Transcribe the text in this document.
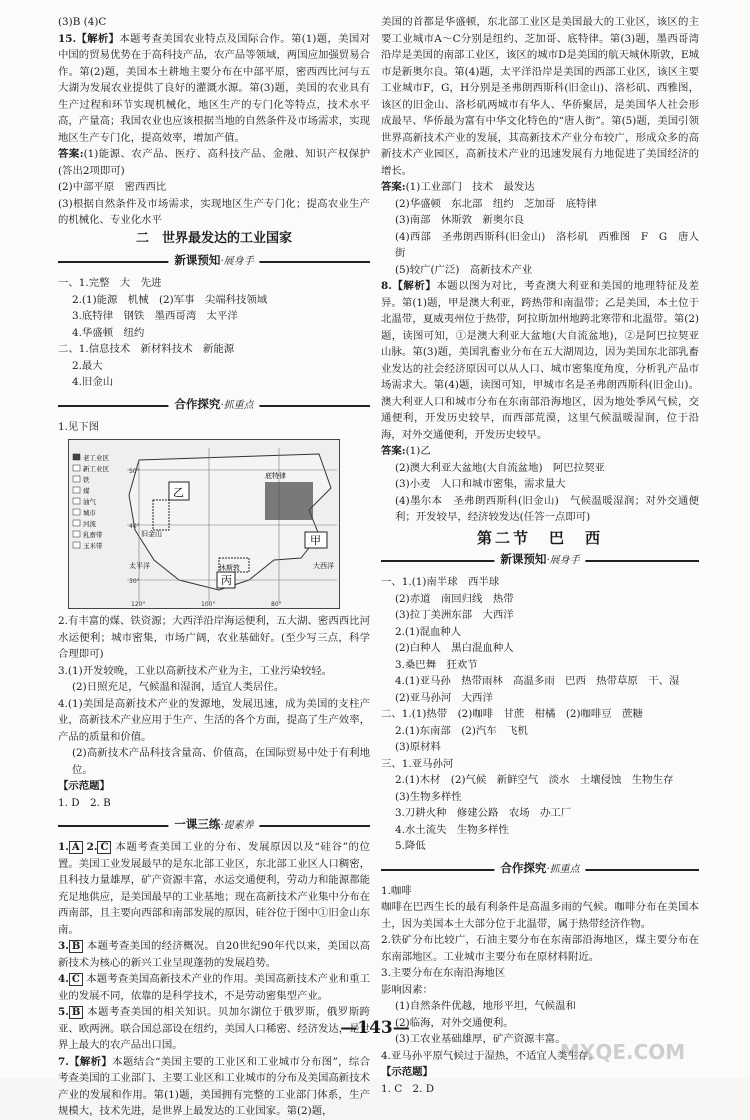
(3)B (4)C

15.【解析】本题考查美国农业特点及国际合作。第(1)题，美国对中国的贸易优势在于高科技产品，农产品等领域，两国应加强贸易合作。第(2)题，美国本土耕地主要分布在中部平原，密西西比河与五大湖为发展农业提供了良好的灌溉水源。第(3)题，美国的农业具有生产过程和环节实现机械化，地区生产的专门化等特点，技术水平高，产量高；我国农业也应该根据当地的自然条件及市场需求，实现地区生产专门化，提高效率，增加产值。

答案:(1)能源、农产品、医疗、高科技产品、金融、知识产权保护(答出2项即可)

(2)中部平原　密西西比

(3)根据自然条件及市场需求，实现地区生产专门化；提高农业生产的机械化、专业化水平

二　世界最发达的工业国家
新课预知·展身手

一、1.完整　大　先进

2.(1)能源　机械　(2)军事　尖端科技领域

3.底特律　钢铁　墨西哥湾　太平洋

4.华盛顿　纽约

二、1.信息技术　新材料技术　新能源

2.最大

4.旧金山

合作探究·抓重点

1.见下图

乙
甲
丙
底特律
旧金山
休斯敦
太平洋	大西洋
老工业区
新工业区
铁
煤
油气
城市
河流
乳畜带
玉米带
50°
40°
30°
120°	100°	80°

2.有丰富的煤、铁资源；大西洋沿岸海运便利，五大湖、密西西比河水运便利；城市密集，市场广阔，农业基础好。(至少写三点，科学合理即可)

3.(1)开发较晚，工业以高新技术产业为主，工业污染较轻。

(2)日照充足，气候温和湿润，适宜人类居住。

4.(1)美国是高新技术产业的发源地，发展迅速，成为美国的支柱产业，高新技术产业应用于生产、生活的各个方面，提高了生产效率，产品的质量和价值。

(2)高新技术产品科技含量高、价值高，在国际贸易中处于有利地位。

【示范题】

1. D　2. B

一课三练·提素养

1. A 2. C 本题考查美国工业的分布、发展原因以及“硅谷”的位置。美国工业发展最早的是东北部工业区，东北部工业区人口稠密，且科技力量雄厚，矿产资源丰富，水运交通便利，劳动力和能源都能充足地供应，是美国最早的工业基地；现在高新技术产业集中分布在西南部，且主要向西部和南部发展的原因，硅谷位于图中①旧金山东南。

3. B 本题考查美国的经济概况。自20世纪90年代以来，美国以高新技术为核心的新兴工业呈现蓬勃的发展趋势。

4. C 本题考查美国高新技术产业的作用。美国高新技术产业和重工业的发展不同，依靠的是科学技术，不是劳动密集型产业。

5. B 本题考查美国的相关知识。贝加尔湖位于俄罗斯，俄罗斯跨亚、欧两洲。联合国总部设在纽约，美国人口稀密、经济发达，是世界上最大的农产品出口国。

7.【解析】本题结合“美国主要的工业区和工业城市分布图”，综合考查美国的工业部门、主要工业区和工业城市的分布及美国高新技术产业的发展和作用。第(1)题，美国拥有完整的工业部门体系，生产规模大，技术先进，是世界上最发达的工业国家。第(2)题，

美国的首都是华盛顿，东北部工业区是美国最大的工业区，该区的主要工业城市A～C分别是纽约、芝加哥、底特律。第(3)题，墨西哥湾沿岸是美国的南部工业区，该区的城市D是美国的航天城休斯敦，E城市是新奥尔良。第(4)题，太平洋沿岸是美国的西部工业区，该区主要工业城市F，G，H分别是圣弗朗西斯科(旧金山)、洛杉矶、西雅图，该区的旧金山、洛杉矶两城市有华人、华侨聚居，是美国华人社会形成最早、华侨最为富有中华文化特色的“唐人街”。第(5)题，美国引领世界高新技术产业的发展，其高新技术产业分布较广，形成众多的高新技术产业园区，高新技术产业的迅速发展有力地促进了美国经济的增长。

答案:(1)工业部门　技术　最发达

(2)华盛顿　东北部　纽约　芝加哥　底特律

(3)南部　休斯敦　新奥尔良

(4)西部　圣弗朗西斯科(旧金山)　洛杉矶　西雅图　F　G　唐人街

(5)较广(广泛)　高新技术产业

8.【解析】本题以图为对比，考查澳大利亚和美国的地理特征及差异。第(1)题，甲是澳大利亚，跨热带和南温带；乙是美国，本土位于北温带，夏威夷州位于热带，阿拉斯加州地跨北寒带和北温带。第(2)题，读图可知，①是澳大利亚大盆地(大自流盆地)，②是阿巴拉契亚山脉。第(3)题，美国乳畜业分布在五大湖周边，因为美国东北部乳畜业发达的社会经济原因可以从人口、城市密集度角度，分析乳产品市场需求大。第(4)题，读图可知，甲城市名是圣弗朗西斯科(旧金山)。澳大利亚人口和城市分布在东南部沿海地区，因为地处季风气候，交通便利，开发历史较早，而西部荒漠，这里气候温暖湿润，位于沿海，对外交通便利，开发历史较早。

答案:(1)乙

(2)澳大利亚大盆地(大自流盆地)　阿巴拉契亚

(3)小麦　人口和城市密集，需求量大

(4)墨尔本　圣弗朗西斯科(旧金山)　气候温暖湿润；对外交通便利；开发较早，经济较发达(任答一点即可)

第二节　巴　西
新课预知·展身手

一、1.(1)南半球　西半球

(2)赤道　南回归线　热带

(3)拉丁美洲东部　大西洋

2.(1)混血种人

(2)白种人　黑白混血种人

3.桑巴舞　狂欢节

4.(1)亚马孙　热带雨林　高温多雨　巴西　热带草原　干、湿

(2)亚马孙河　大西洋

二、1.(1)热带　(2)咖啡　甘蔗　柑橘　(2)咖啡豆　蔗糖

2.(1)东南部　(2)汽车　飞机

(3)原材料

三、1.亚马孙河

2.(1)木材　(2)气候　新鲜空气　淡水　土壤侵蚀　生物生存

(3)生物多样性

3.刀耕火种　修建公路　农场　办工厂

4.水土流失　生物多样性

5.降低

合作探究·抓重点

1.咖啡

咖啡在巴西生长的最有利条件是高温多雨的气候。咖啡分布在美国本土，因为美国本土大部分位于北温带，属于热带经济作物。

2.铁矿分布比较广，石油主要分布在东南部沿海地区，煤主要分布在东南部地区。工业城市主要分布在原材料附近。

3.主要分布在东南沿海地区

影响因素：

(1)自然条件优越，地形平坦，气候温和

(2)临海，对外交通便利。

(3)工农业基础雄厚，矿产资源丰富。

4.亚马孙平原气候过于湿热，不适宜人类生存。

【示范题】

1. C　2. D

—143—
MXQE.COM
